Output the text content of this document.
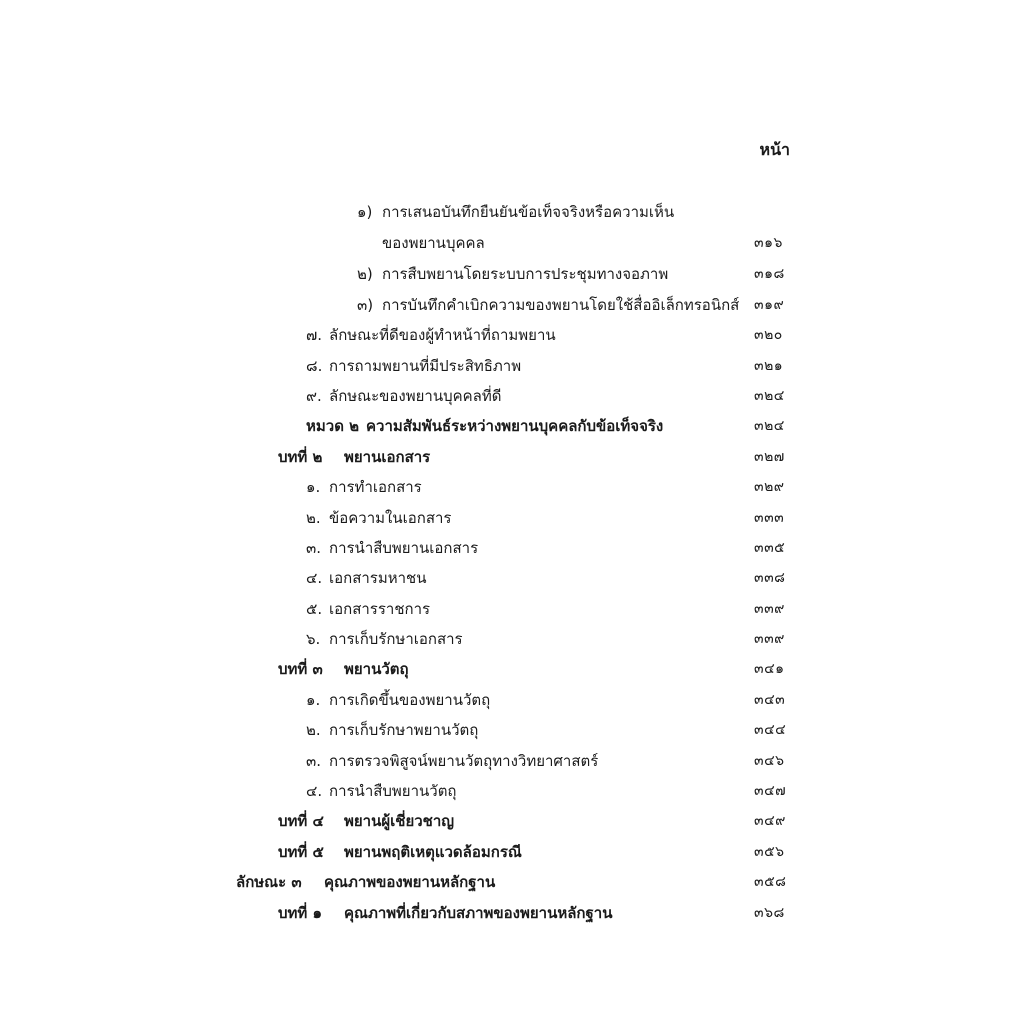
หน้า
๑) การเสนอบันทึกยืนยันข้อเท็จจริงหรือความเห็น
ของพยานบุคคล	๓๑๖
๒) การสืบพยานโดยระบบการประชุมทางจอภาพ	๓๑๘
๓) การบันทึกคำเบิกความของพยานโดยใช้สื่ออิเล็กทรอนิกส์ ๓๑๙
๗. ลักษณะที่ดีของผู้ทำหน้าที่ถามพยาน	๓๒๐
๘. การถามพยานที่มีประสิทธิภาพ	๓๒๑
๙. ลักษณะของพยานบุคคลที่ดี	๓๒๔
หมวด ๒ ความสัมพันธ์ระหว่างพยานบุคคลกับข้อเท็จจริง	๓๒๔
บทที่ ๒ พยานเอกสาร	๓๒๗
๑. การทำเอกสาร	๓๒๙
๒. ข้อความในเอกสาร	๓๓๓
๓. การนำสืบพยานเอกสาร	๓๓๕
๔. เอกสารมหาชน	๓๓๘
๕. เอกสารราชการ	๓๓๙
๖. การเก็บรักษาเอกสาร	๓๓๙
บทที่ ๓ พยานวัตถุ	๓๔๑
๑. การเกิดขึ้นของพยานวัตถุ	๓๔๓
๒. การเก็บรักษาพยานวัตถุ	๓๔๔
๓. การตรวจพิสูจน์พยานวัตถุทางวิทยาศาสตร์	๓๔๖
๔. การนำสืบพยานวัตถุ	๓๔๗
บทที่ ๔ พยานผู้เชี่ยวชาญ	๓๔๙
บทที่ ๕ พยานพฤติเหตุแวดล้อมกรณี	๓๕๖
ลักษณะ ๓ คุณภาพของพยานหลักฐาน	๓๕๘
บทที่ ๑ คุณภาพที่เกี่ยวกับสภาพของพยานหลักฐาน	๓๖๘
